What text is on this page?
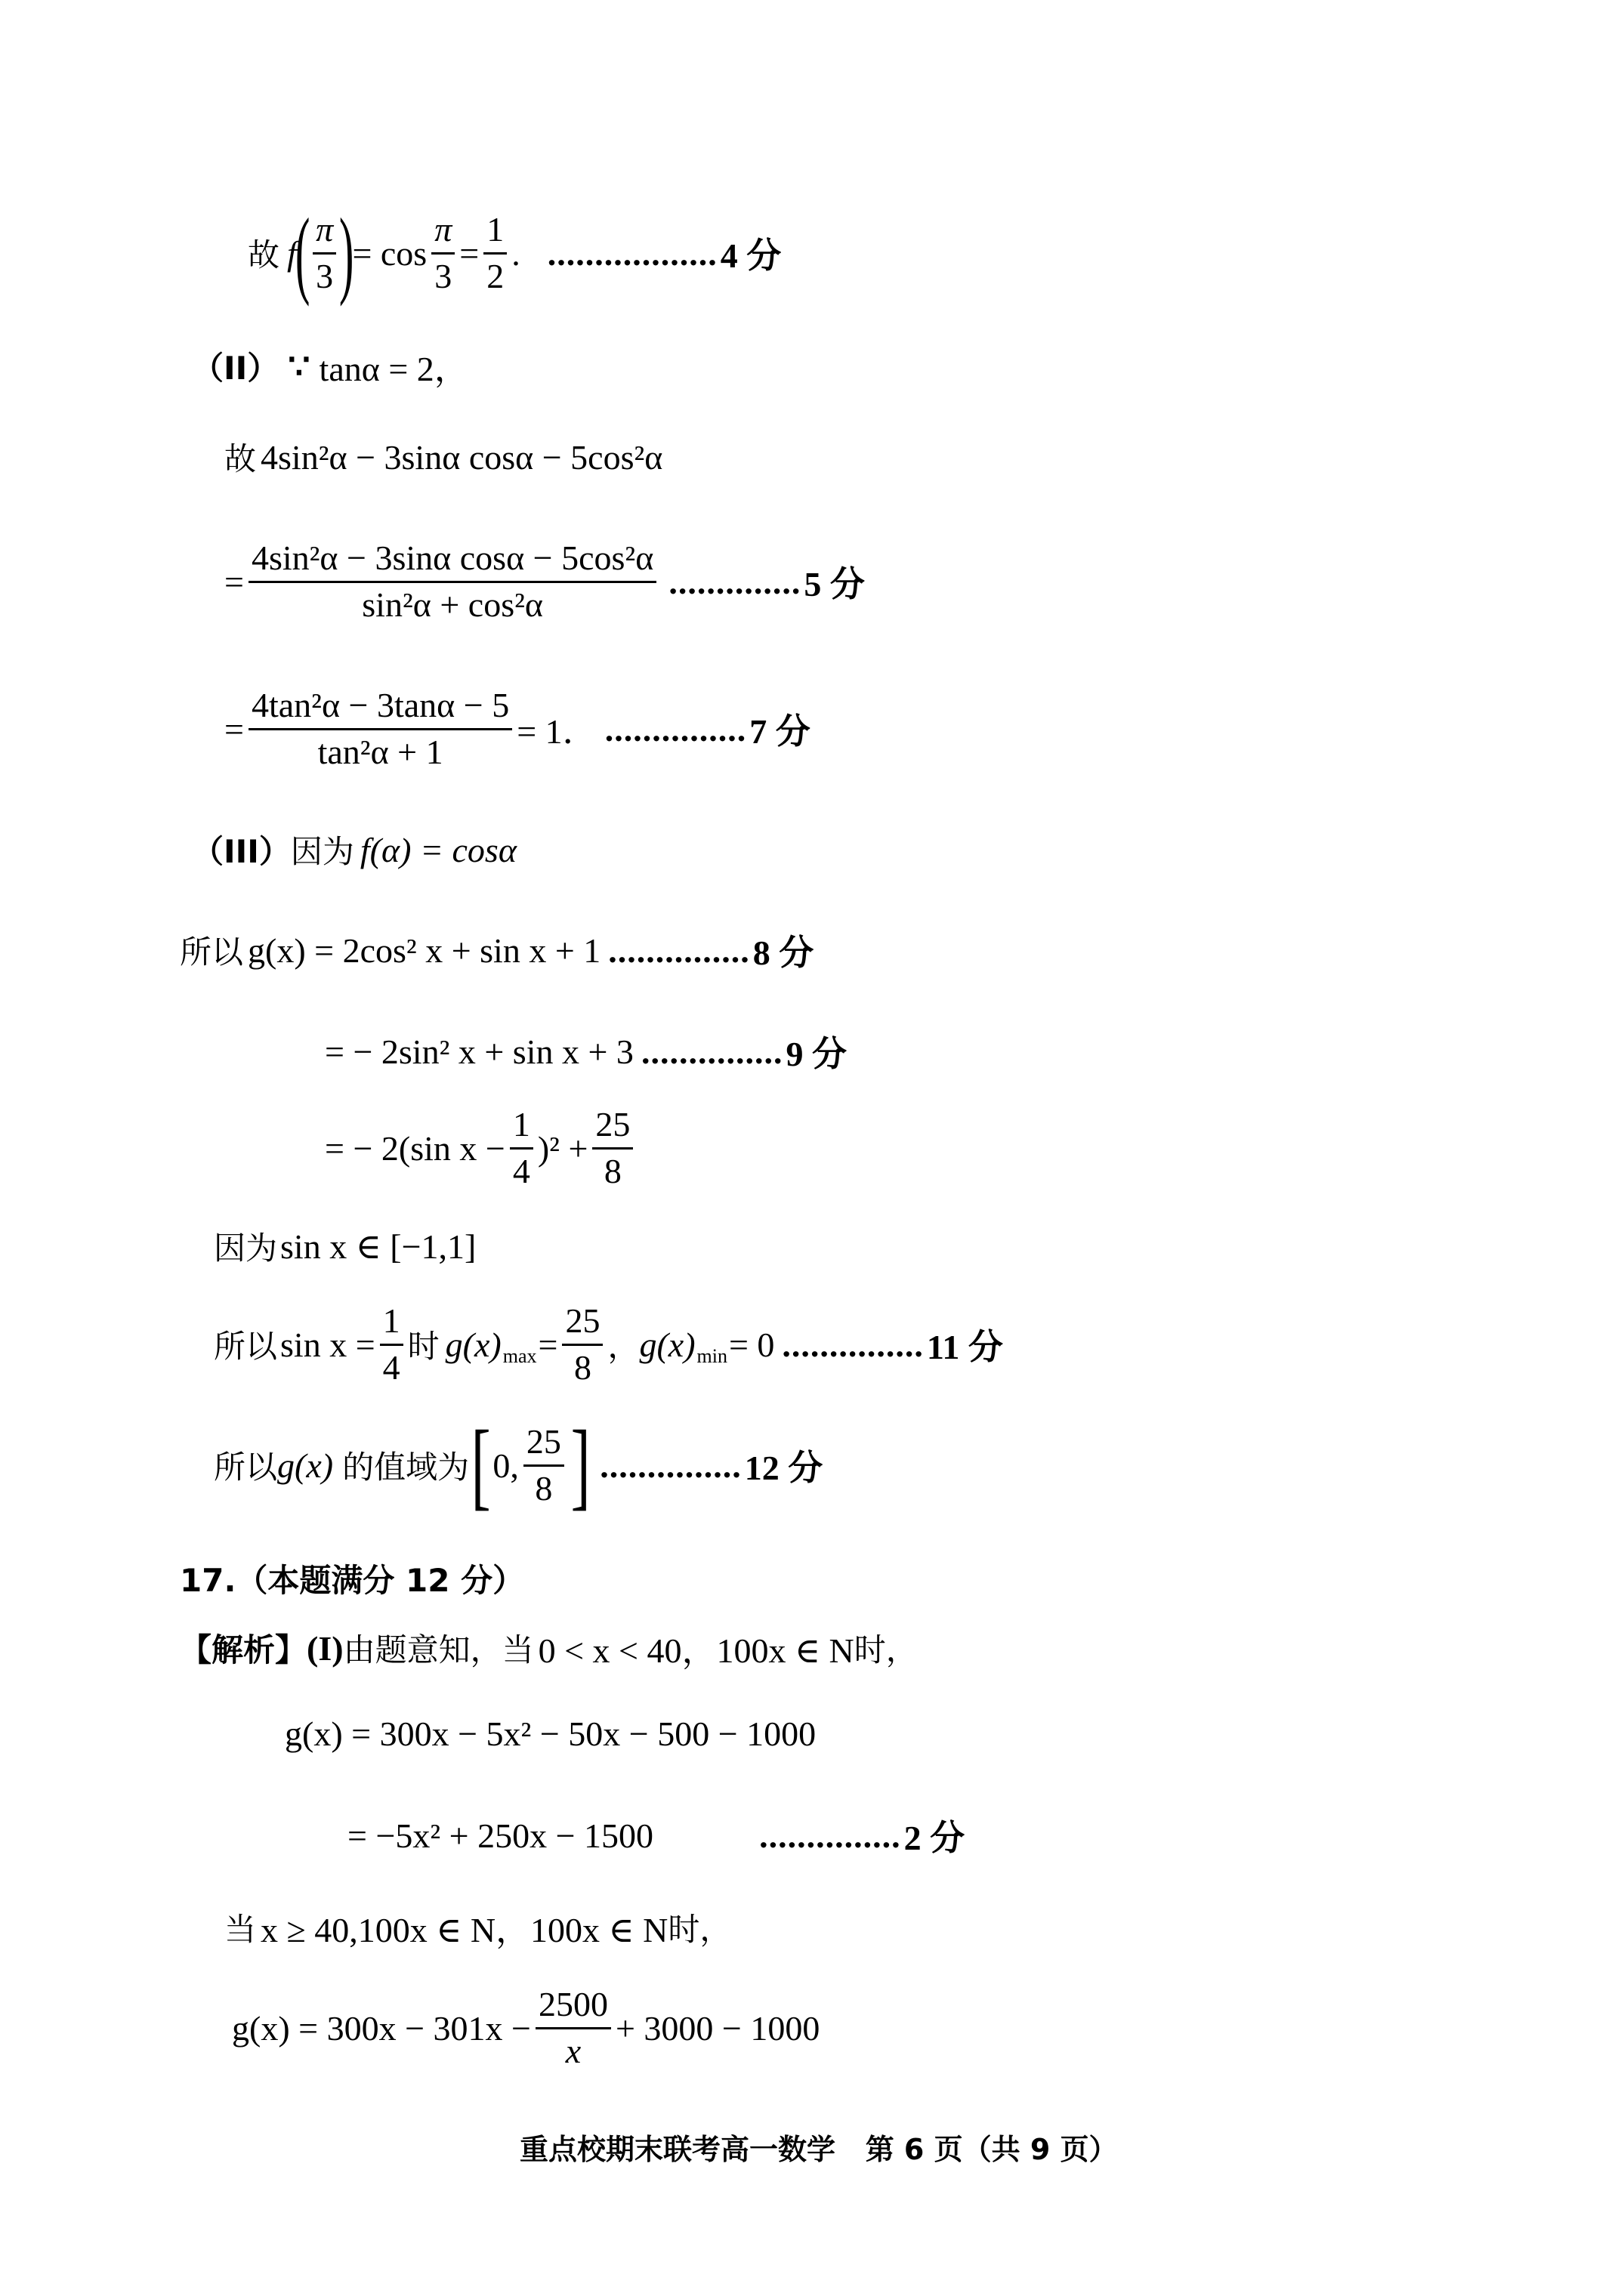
故 f
( $\frac{\pi}{3}$ )
= $\cos \frac{\pi}{3} = \frac{1}{2}$ . .................. 4 分
（II） ∵ tanα = 2，
故 4sin²α − 3sinα cosα − 5cos²α
= $\frac{\text{4sin²α − 3sinα cosα − 5cos²α}}{\text{sin²α + cos²α}}$ .............. 5 分
= $\frac{\text{4tan²α − 3tanα − 5}}{\text{tan²α + 1}} = 1$． ............... 7 分
（III） 因为 f(α) = cosα
所以 g(x) = 2cos² x + sin x + 1 ............... 8 分
= − 2sin² x + sin x + 3 ............... 9 分
= − 2(sin $x - \frac{1}{4} )^2 + \frac{25}{8}$
因为 sin x ∈ [−1,1]
所以 $\sin x = \frac{1}{4}$ 时 g(x) $\max = \frac{25}{8}$ ， g(x) min = 0 ............... 11 分
所以 g(x) 的值域为 [ 0, $\frac{25}{8}$ ] ............... 12 分
17.（本题满分 12 分）
【解析】 (I) 由题意知，当 0 < x < 40，100x ∈ N 时，
g(x) = 300x − 5x² − 50x − 500 − 1000
= −5x² + 250x − 1500	............... 2 分
当 x ≥ 40,100x ∈ N，100x ∈ N 时，
$g(x) = 300x - 301x - \frac{2500}{x} + 3000 - 1000$
重点校期末联考高一数学   第 6 页（共 9 页）
